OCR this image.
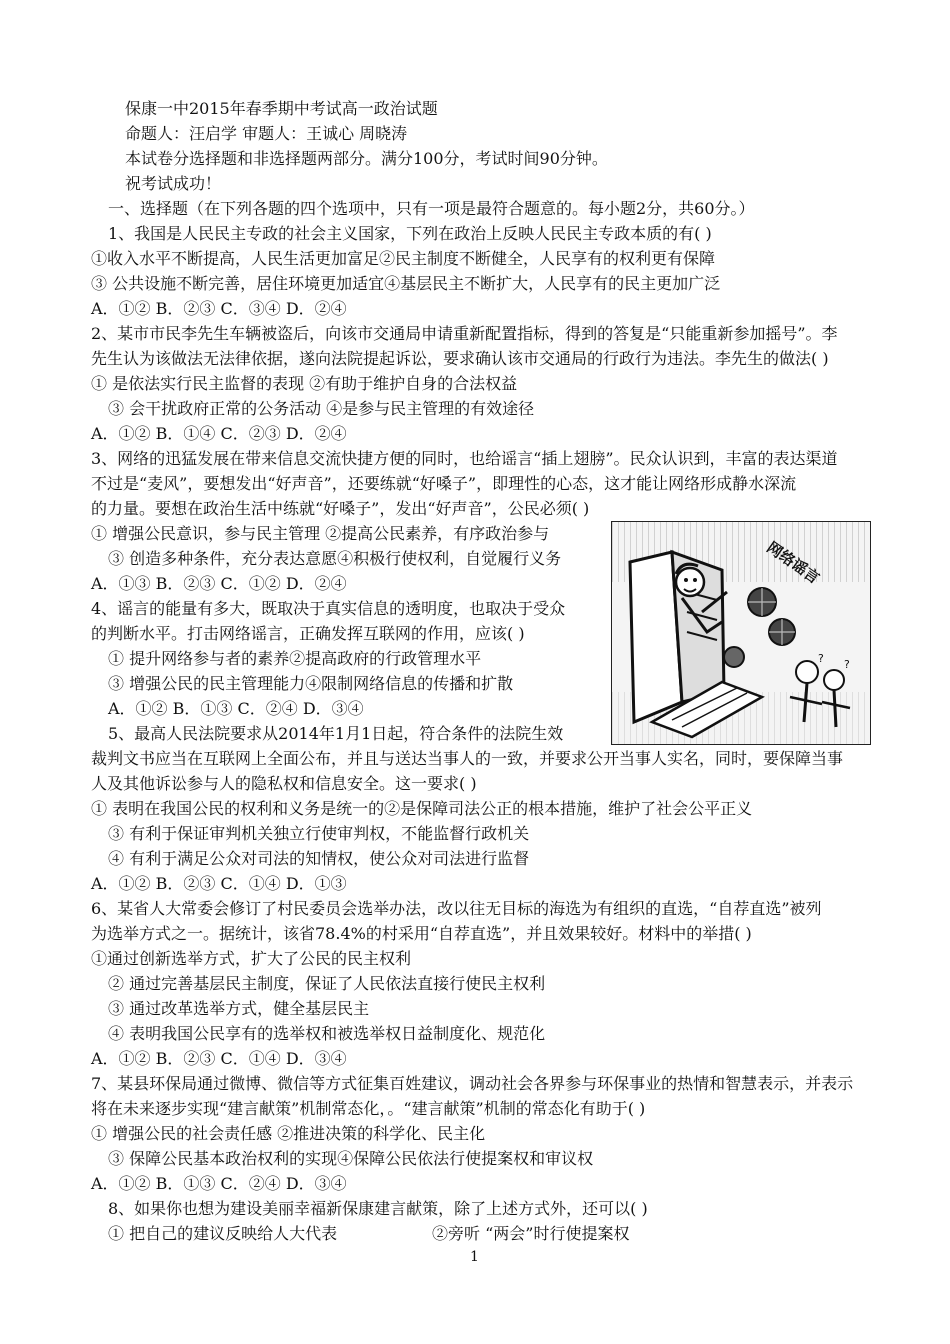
保康一中2015年春季期中考试高一政治试题
命题人：汪启学 审题人：王诚心 周晓涛
本试卷分选择题和非选择题两部分。满分100分，考试时间90分钟。
祝考试成功！
一、选择题（在下列各题的四个选项中，只有一项是最符合题意的。每小题2分，共60分。）
1、我国是人民民主专政的社会主义国家，下列在政治上反映人民民主专政本质的有( )
①收入水平不断提高，人民生活更加富足②民主制度不断健全，人民享有的权利更有保障
③ 公共设施不断完善，居住环境更加适宜④基层民主不断扩大，人民享有的民主更加广泛
A．①② B．②③ C．③④ D．②④
2、某市市民李先生车辆被盗后，向该市交通局申请重新配置指标，得到的答复是“只能重新参加摇号”。李
先生认为该做法无法律依据，遂向法院提起诉讼，要求确认该市交通局的行政行为违法。李先生的做法( )
① 是依法实行民主监督的表现 ②有助于维护自身的合法权益
③ 会干扰政府正常的公务活动 ④是参与民主管理的有效途径
A．①② B．①④ C．②③ D．②④
3、网络的迅猛发展在带来信息交流快捷方便的同时，也给谣言“插上翅膀”。民众认识到，丰富的表达渠道
不过是“麦风”，要想发出“好声音”，还要练就“好嗓子”，即理性的心态，这才能让网络形成静水深流
的力量。要想在政治生活中练就“好嗓子”，发出“好声音”，公民必须( )
① 增强公民意识，参与民主管理 ②提高公民素养，有序政治参与
③ 创造多种条件，充分表达意愿④积极行使权利，自觉履行义务
A．①③ B．②③ C．①② D．②④
4、谣言的能量有多大，既取决于真实信息的透明度，也取决于受众
的判断水平。打击网络谣言，正确发挥互联网的作用，应该( )
① 提升网络参与者的素养②提高政府的行政管理水平
③ 增强公民的民主管理能力④限制网络信息的传播和扩散
A．①② B．①③ C．②④ D．③④
5、最高人民法院要求从2014年1月1日起，符合条件的法院生效
裁判文书应当在互联网上全面公布，并且与送达当事人的一致，并要求公开当事人实名，同时，要保障当事
人及其他诉讼参与人的隐私权和信息安全。这一要求( )
① 表明在我国公民的权利和义务是统一的②是保障司法公正的根本措施，维护了社会公平正义
③ 有利于保证审判机关独立行使审判权，不能监督行政机关
④ 有利于满足公众对司法的知情权，使公众对司法进行监督
A．①② B．②③ C．①④ D．①③
6、某省人大常委会修订了村民委员会选举办法，改以往无目标的海选为有组织的直选，“自荐直选”被列
为选举方式之一。据统计，该省78.4%的村采用“自荐直选”，并且效果较好。材料中的举措( )
①通过创新选举方式，扩大了公民的民主权利
② 通过完善基层民主制度，保证了人民依法直接行使民主权利
③ 通过改革选举方式，健全基层民主
④ 表明我国公民享有的选举权和被选举权日益制度化、规范化
A．①② B．②③ C．①④ D．③④
7、某县环保局通过微博、微信等方式征集百姓建议，调动社会各界参与环保事业的热情和智慧表示，并表示
将在未来逐步实现“建言献策”机制常态化，。“建言献策”机制的常态化有助于( )
① 增强公民的社会责任感 ②推进决策的科学化、民主化
③ 保障公民基本政治权利的实现④保障公民依法行使提案权和审议权
A．①② B．①③ C．②④ D．③④
8、如果你也想为建设美丽幸福新保康建言献策，除了上述方式外，还可以( )
① 把自己的建议反映给人大代表	②旁听 “两会”时行使提案权
网络谣言
? ?
1
